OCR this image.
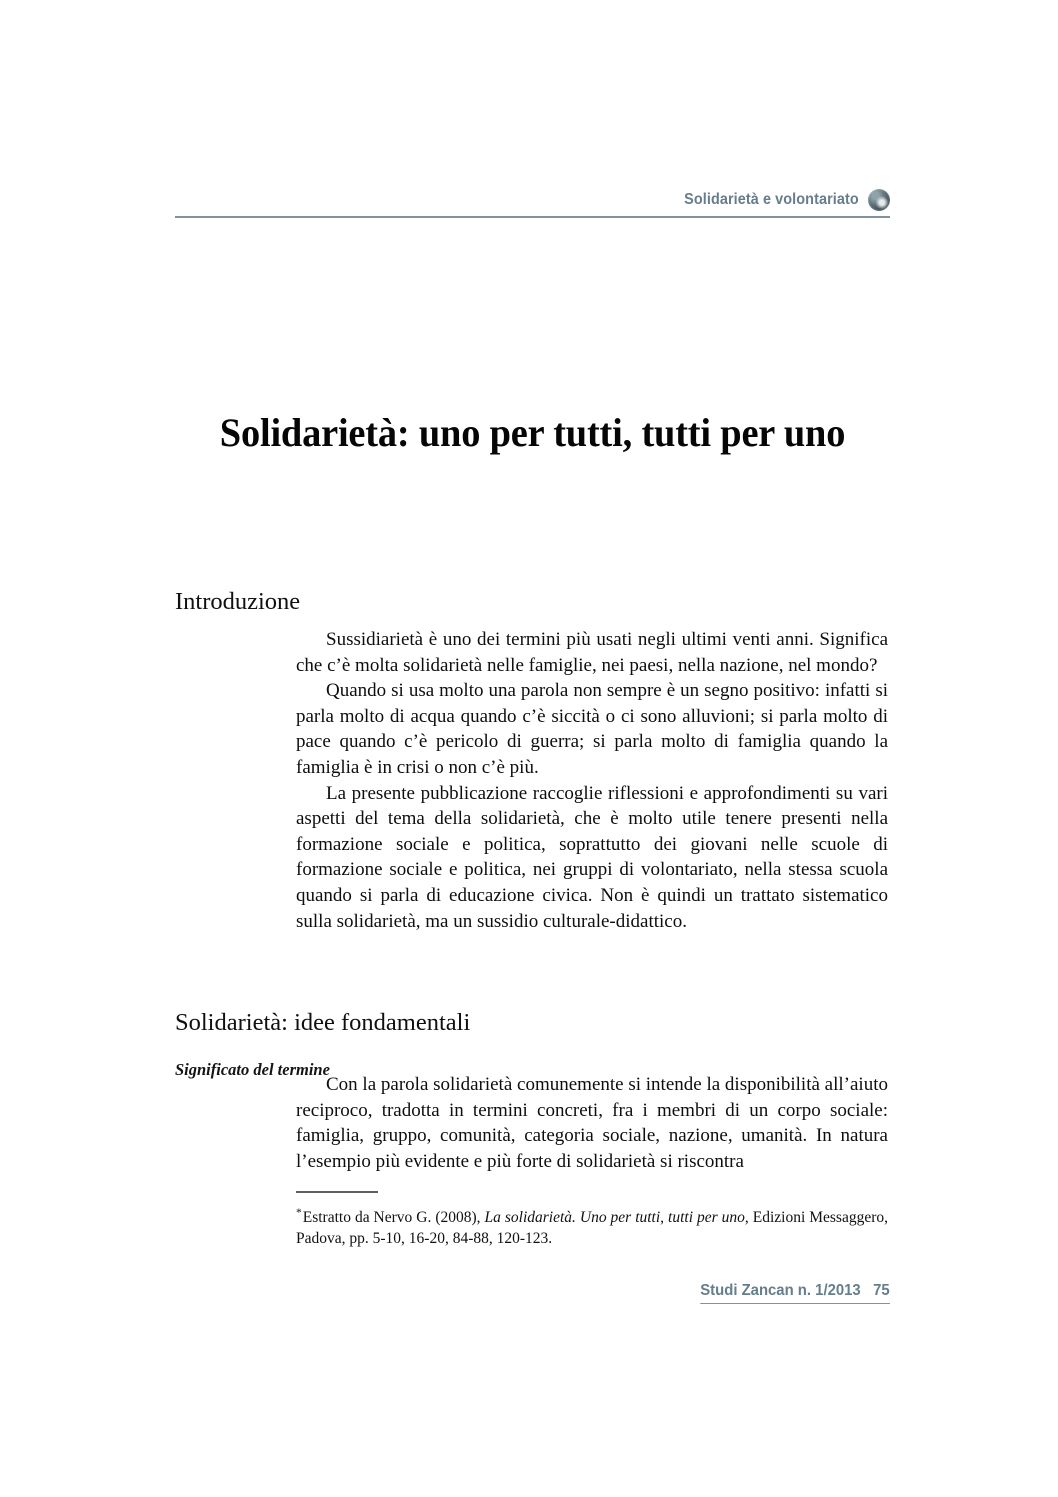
Solidarietà e volontariato
Solidarietà: uno per tutti, tutti per uno
Introduzione

Sussidiarietà è uno dei termini più usati negli ultimi venti anni. Significa che c’è molta solidarietà nelle famiglie, nei paesi, nella nazione, nel mondo?

Quando si usa molto una parola non sempre è un segno positivo: infatti si parla molto di acqua quando c’è siccità o ci sono alluvioni; si parla molto di pace quando c’è pericolo di guerra; si parla molto di famiglia quando la famiglia è in crisi o non c’è più.

La presente pubblicazione raccoglie riflessioni e approfondimenti su vari aspetti del tema della solidarietà, che è molto utile tenere presenti nella formazione sociale e politica, soprattutto dei giovani nelle scuole di formazione sociale e politica, nei gruppi di volontariato, nella stessa scuola quando si parla di educazione civica. Non è quindi un trattato sistematico sulla solidarietà, ma un sussidio culturale-didattico.

Solidarietà: idee fondamentali
Significato del termine

Con la parola solidarietà comunemente si intende la disponibilità all’aiuto reciproco, tradotta in termini concreti, fra i membri di un corpo sociale: famiglia, gruppo, comunità, categoria sociale, nazione, umanità. In natura l’esempio più evidente e più forte di solidarietà si riscontra

*Estratto da Nervo G. (2008), La solidarietà. Uno per tutti, tutti per uno, Edizioni Messaggero, Padova, pp. 5-10, 16-20, 84-88, 120-123.
Studi Zancan n. 1/2013   75
